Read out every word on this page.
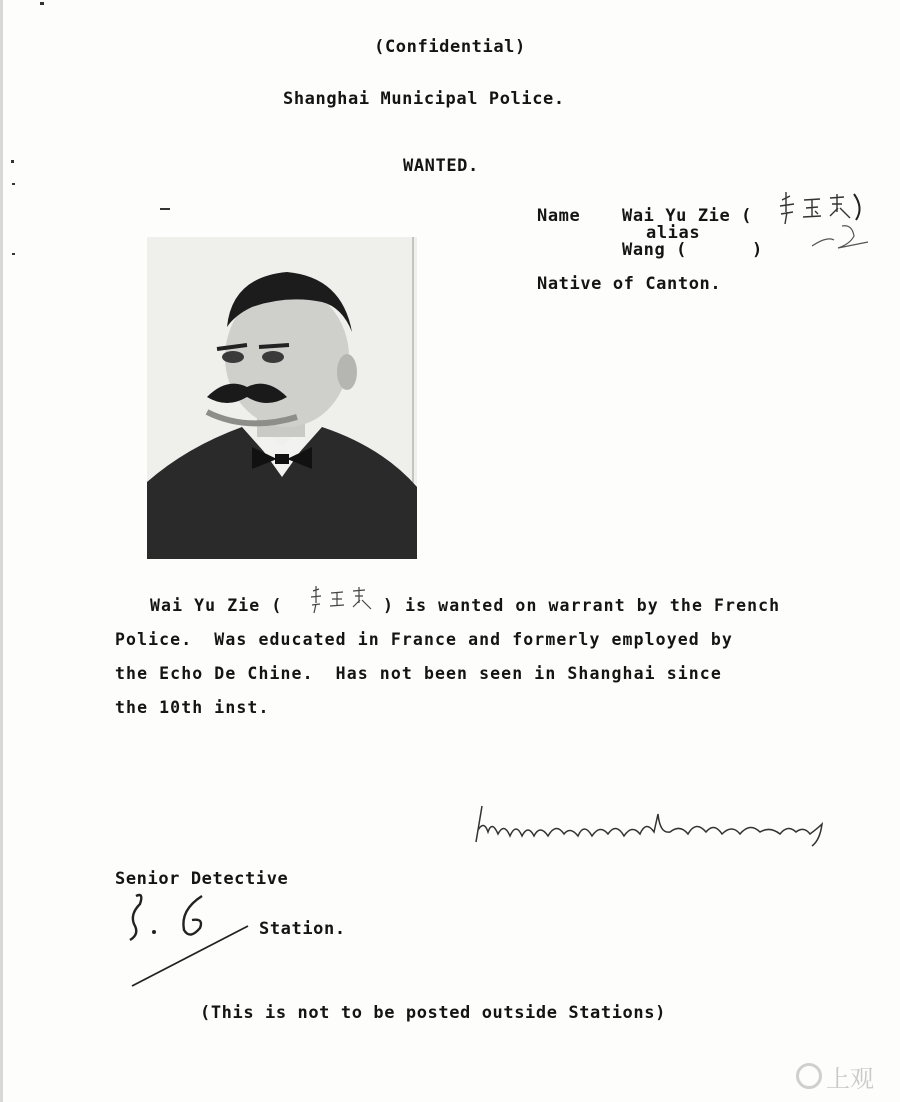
(Confidential)
Shanghai Municipal Police.
WANTED.
Name Wai Yu Zie (
alias
Wang (      )
Native of Canton.
Wai Yu Zie (	) is wanted on warrant by the French
Police.  Was educated in France and formerly employed by
the Echo De Chine.  Has not been seen in Shanghai since
the 10th inst.
Senior Detective
Station.
(This is not to be posted outside Stations)
上观
